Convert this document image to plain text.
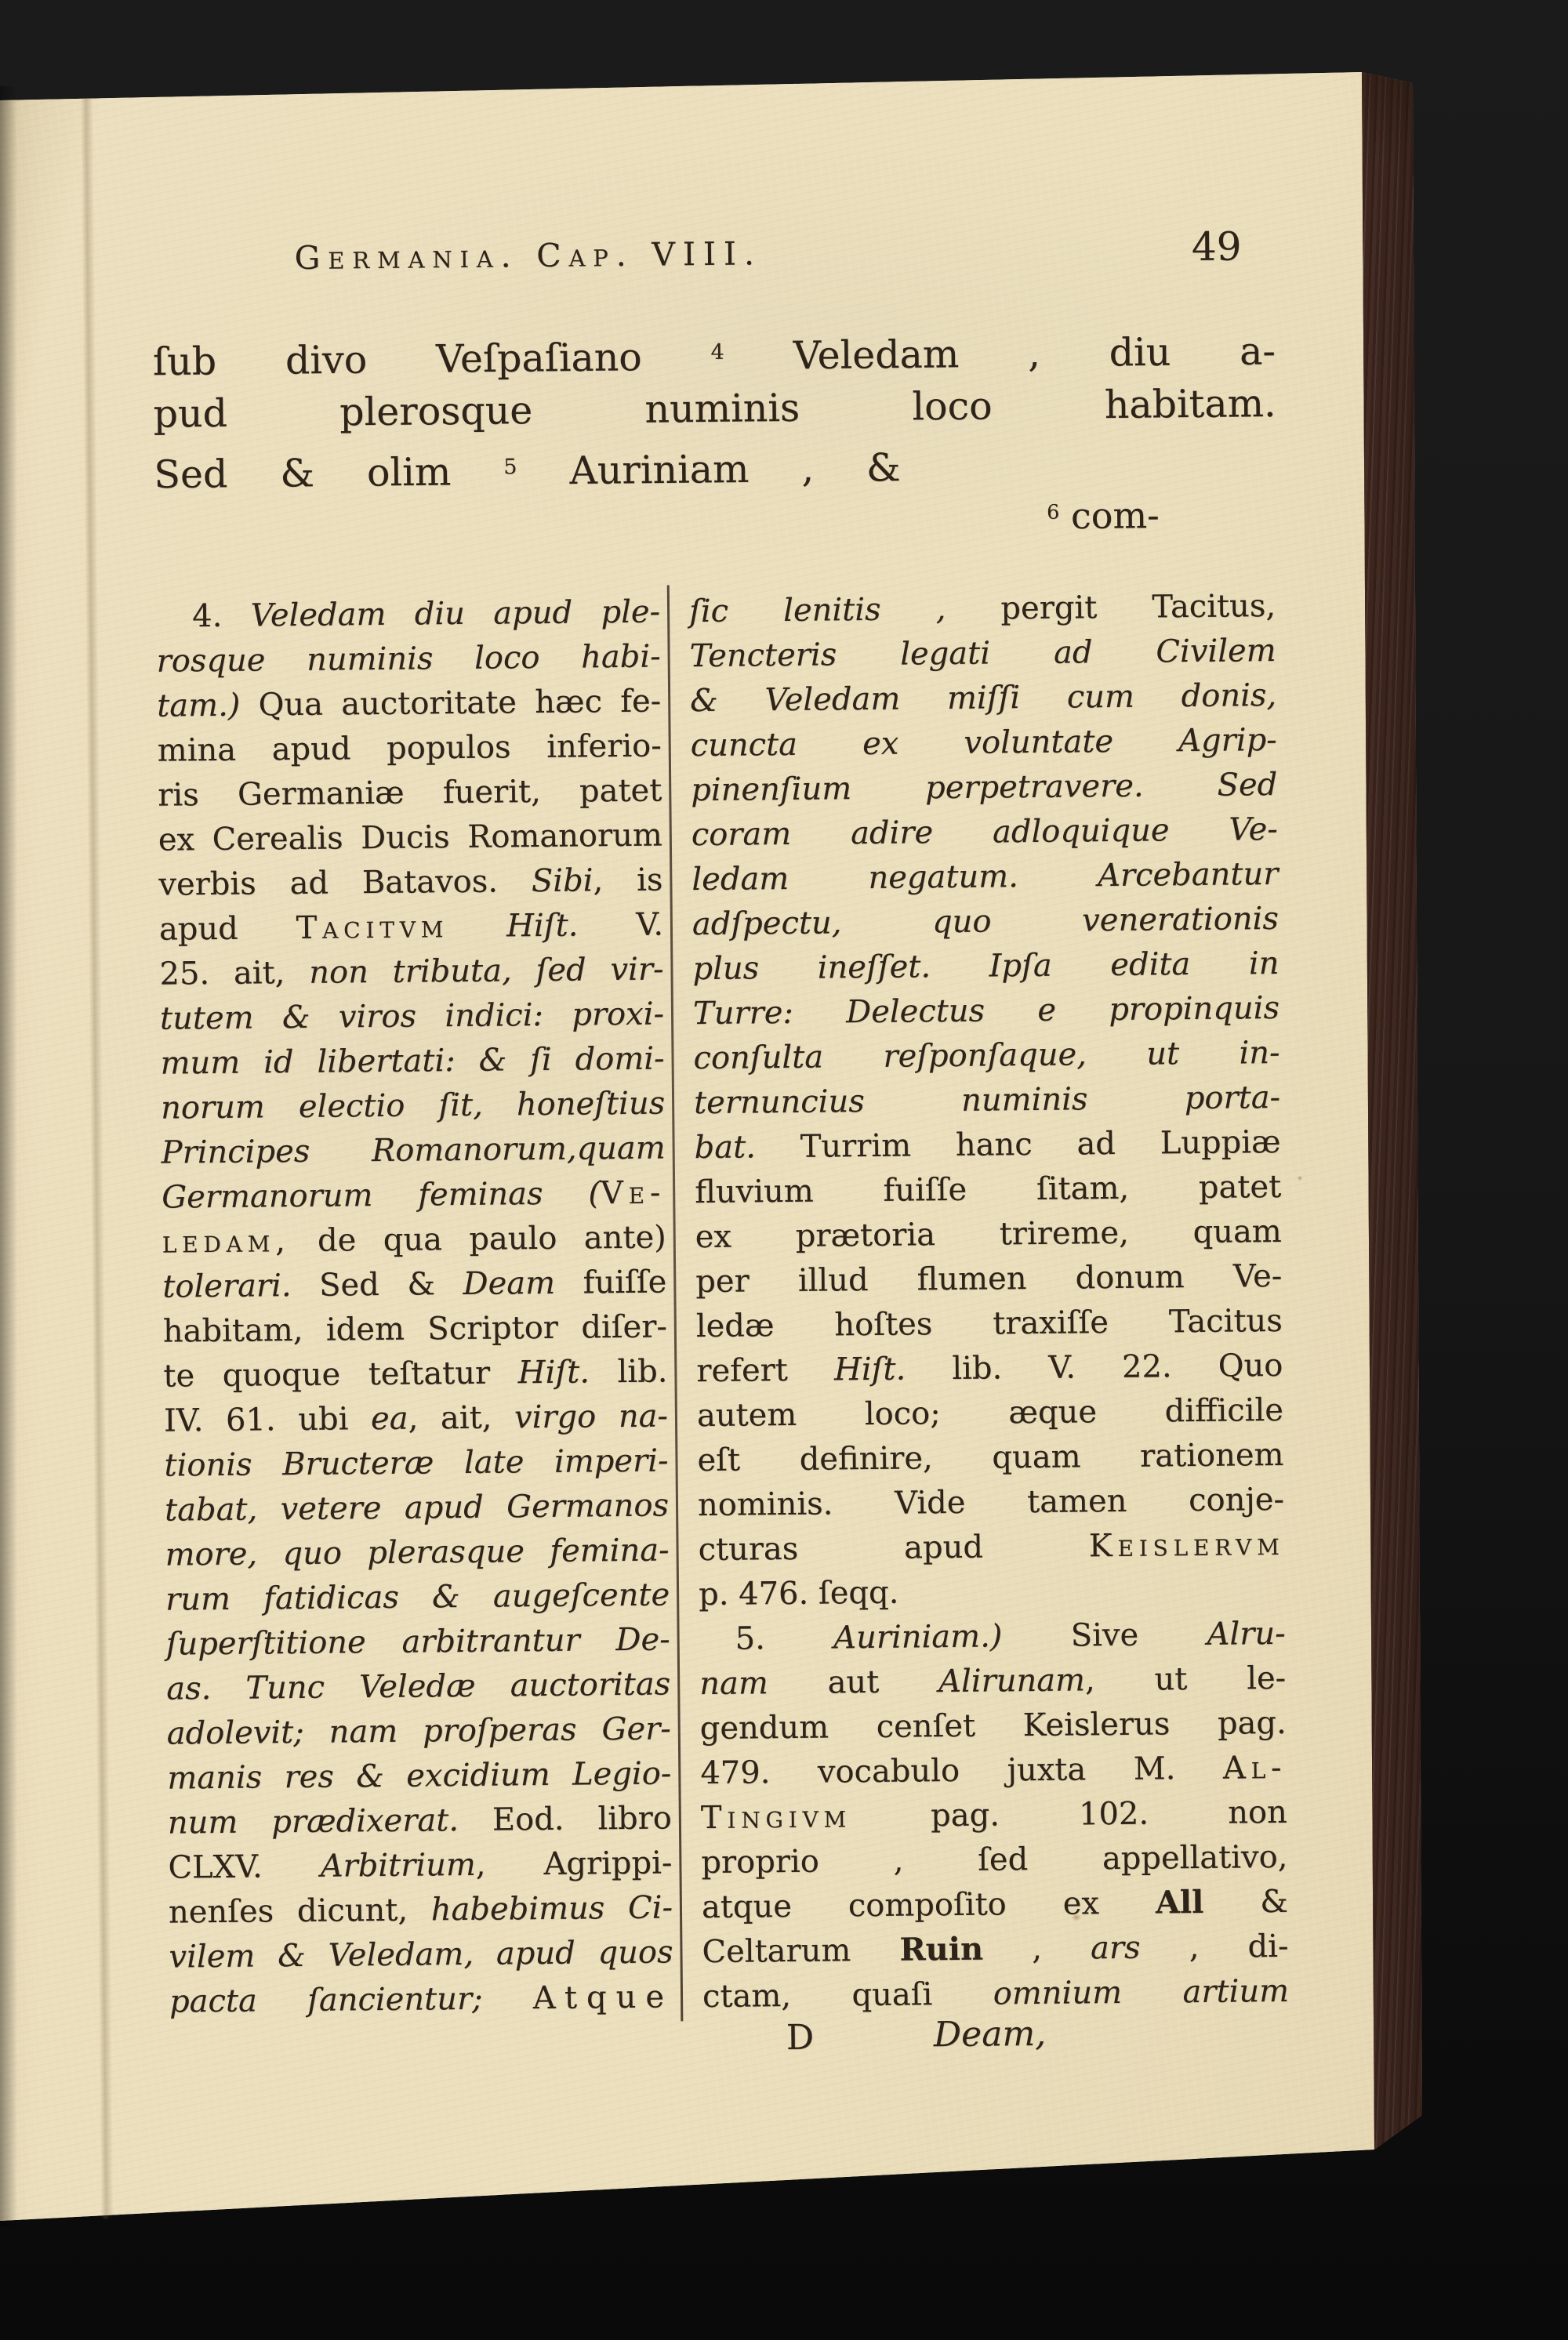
Germania. Cap. VIII.	49
ſub divo Veſpaſiano $^4$ Veledam , diu a-
pud plerosque numinis loco habitam.
Sed & olim $^5$ Auriniam , &
$^6$ com-
4. Veledam diu apud ple-
rosque numinis loco habi-
tam.) Qua auctoritate hæc fe-
mina apud populos inferio-
ris Germaniæ fuerit, patet
ex Cerealis Ducis Romanorum
verbis ad Batavos. Sibi, is
apud Tacitvm Hiſt. V.
25. ait, non tributa, ſed vir-
tutem & viros indici: proxi-
mum id libertati: & ſi domi-
norum electio ſit, honeſtius
Principes Romanorum,quam
Germanorum feminas (Ve-
ledam, de qua paulo ante)
tolerari. Sed & Deam fuiſſe
habitam, idem Scriptor diſer-
te quoque teſtatur Hiſt. lib.
IV. 61. ubi ea, ait, virgo na-
tionis Bructeræ late imperi-
tabat, vetere apud Germanos
more, quo plerasque femina-
rum fatidicas & augeſcente
ſuperſtitione arbitrantur De-
as. Tunc Veledæ auctoritas
adolevit; nam proſperas Ger-
manis res & excidium Legio-
num prædixerat. Eod. libro
CLXV. Arbitrium, Agrippi-
nenſes dicunt, habebimus Ci-
vilem & Veledam, apud quos
pacta ſancientur; Atque
ſic lenitis , pergit Tacitus,
Tencteris legati ad Civilem
& Veledam miſſi cum donis,
cuncta ex voluntate Agrip-
pinenſium perpetravere. Sed
coram adire adloquique Ve-
ledam negatum. Arcebantur
adſpectu, quo venerationis
plus ineſſet. Ipſa edita in
Turre: Delectus e propinquis
conſulta reſponſaque, ut in-
ternuncius numinis porta-
bat. Turrim hanc ad Luppiæ
fluvium fuiſſe ſitam, patet
ex prætoria trireme, quam
per illud flumen donum Ve-
ledæ hoſtes traxiſſe Tacitus
refert Hiſt. lib. V. 22. Quo
autem loco; æque difficile
eſt definire, quam rationem
nominis. Vide tamen conje-
cturas apud Keislervm
p. 476. ſeqq.
5. Auriniam.) Sive Alru-
nam aut Alirunam, ut le-
gendum cenſet Keislerus pag.
479. vocabulo juxta M. Al-
Tingivm pag. 102. non
proprio , ſed appellativo,
atque compoſito ex All &
Celtarum Ruin , ars , di-
ctam, quaſi omnium artium
D	Deam,
